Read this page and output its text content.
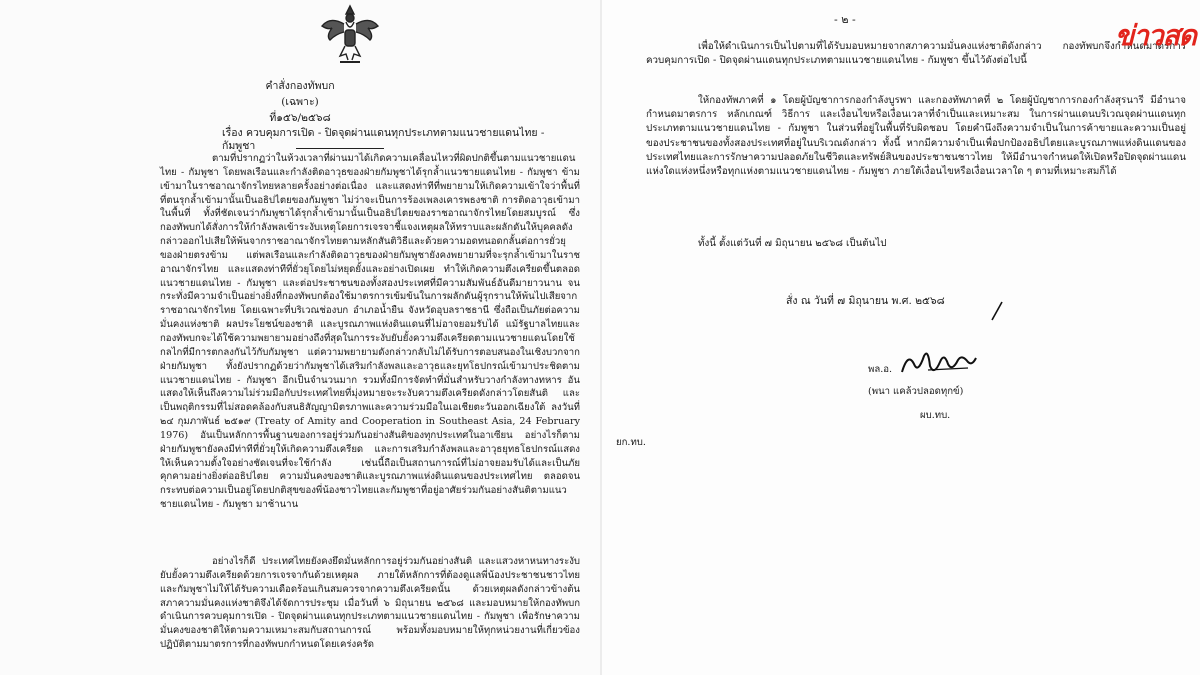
คำสั่งกองทัพบก
(เฉพาะ)
ที่๑๕๖/๒๕๖๘
เรื่อง ควบคุมการเปิด - ปิดจุดผ่านแดนทุกประเภทตามแนวชายแดนไทย - กัมพูชา

ตามที่ปรากฏว่าในห้วงเวลาที่ผ่านมาได้เกิดความเคลื่อนไหวที่ผิดปกติขึ้นตามแนวชายแดนไทย - กัมพูชา โดยพลเรือนและกำลังติดอาวุธของฝ่ายกัมพูชาได้รุกล้ำแนวชายแดนไทย - กัมพูชา ข้ามเข้ามาในราชอาณาจักรไทยหลายครั้งอย่างต่อเนื่อง และแสดงท่าทีที่พยายามให้เกิดความเข้าใจว่าพื้นที่ที่ตนรุกล้ำเข้ามานั้นเป็นอธิปไตยของกัมพูชา ไม่ว่าจะเป็นการร้องเพลงเคารพธงชาติ การติดอาวุธเข้ามาในพื้นที่ ทั้งที่ชัดเจนว่ากัมพูชาได้รุกล้ำเข้ามานั้นเป็นอธิปไตยของราชอาณาจักรไทยโดยสมบูรณ์ ซึ่งกองทัพบกได้สั่งการให้กำลังพลเข้าระงับเหตุโดยการเจรจาชี้แจงเหตุผลให้ทราบและผลักดันให้บุคคลดังกล่าวออกไปเสียให้พ้นจากราชอาณาจักรไทยตามหลักสันติวิธีและด้วยความอดทนอดกลั้นต่อการยั่วยุของฝ่ายตรงข้าม แต่พลเรือนและกำลังติดอาวุธของฝ่ายกัมพูชายังคงพยายามที่จะรุกล้ำเข้ามาในราชอาณาจักรไทย และแสดงท่าทีที่ยั่วยุโดยไม่หยุดยั้งและอย่างเปิดเผย ทำให้เกิดความตึงเครียดขึ้นตลอดแนวชายแดนไทย - กัมพูชา และต่อประชาชนของทั้งสองประเทศที่มีความสัมพันธ์อันดีมายาวนาน จนกระทั่งมีความจำเป็นอย่างยิ่งที่กองทัพบกต้องใช้มาตรการเข้มข้นในการผลักดันผู้รุกรานให้พ้นไปเสียจากราชอาณาจักรไทย โดยเฉพาะที่บริเวณช่องบก อำเภอน้ำยืน จังหวัดอุบลราชธานี ซึ่งถือเป็นภัยต่อความมั่นคงแห่งชาติ ผลประโยชน์ของชาติ และบูรณภาพแห่งดินแดนที่ไม่อาจยอมรับได้ แม้รัฐบาลไทยและกองทัพบกจะได้ใช้ความพยายามอย่างถึงที่สุดในการระงับยับยั้งความตึงเครียดตามแนวชายแดนโดยใช้กลไกที่มีการตกลงกันไว้กับกัมพูชา แต่ความพยายามดังกล่าวกลับไม่ได้รับการตอบสนองในเชิงบวกจากฝ่ายกัมพูชา ทั้งยังปรากฏด้วยว่ากัมพูชาได้เสริมกำลังพลและอาวุธและยุทโธปกรณ์เข้ามาประชิดตามแนวชายแดนไทย - กัมพูชา อีกเป็นจำนวนมาก รวมทั้งมีการจัดทำที่มั่นสำหรับวางกำลังทางทหาร อันแสดงให้เห็นถึงความไม่ร่วมมือกับประเทศไทยที่มุ่งหมายจะระงับความตึงเครียดดังกล่าวโดยสันติ และเป็นพฤติกรรมที่ไม่สอดคล้องกับสนธิสัญญามิตรภาพและความร่วมมือในเอเชียตะวันออกเฉียงใต้ ลงวันที่ ๒๔ กุมภาพันธ์ ๒๕๑๙ (Treaty of Amity and Cooperation in Southeast Asia, 24 February 1976) อันเป็นหลักการพื้นฐานของการอยู่ร่วมกันอย่างสันติของทุกประเทศในอาเซียน อย่างไรก็ตาม ฝ่ายกัมพูชายังคงมีท่าทีที่ยั่วยุให้เกิดความตึงเครียด และการเสริมกำลังพลและอาวุธยุทธโธปกรณ์แสดงให้เห็นความตั้งใจอย่างชัดเจนที่จะใช้กำลัง เช่นนี้ถือเป็นสถานการณ์ที่ไม่อาจยอมรับได้และเป็นภัยคุกคามอย่างยิ่งต่ออธิปไตย ความมั่นคงของชาติและบูรณภาพแห่งดินแดนของประเทศไทย ตลอดจนกระทบต่อความเป็นอยู่โดยปกติสุขของพี่น้องชาวไทยและกัมพูชาที่อยู่อาศัยร่วมกันอย่างสันติตามแนวชายแดนไทย - กัมพูชา มาช้านาน

อย่างไรก็ดี ประเทศไทยยังคงยึดมั่นหลักการอยู่ร่วมกันอย่างสันติ และแสวงหาหนทางระงับยับยั้งความตึงเครียดด้วยการเจรจากันด้วยเหตุผล ภายใต้หลักการที่ต้องดูแลพี่น้องประชาชนชาวไทยและกัมพูชาไม่ให้ได้รับความเดือดร้อนเกินสมควรจากความตึงเครียดนั้น ด้วยเหตุผลดังกล่าวข้างต้นสภาความมั่นคงแห่งชาติจึงได้จัดการประชุม เมื่อวันที่ ๖ มิถุนายน ๒๕๖๘ และมอบหมายให้กองทัพบกดำเนินการควบคุมการเปิด - ปิดจุดผ่านแดนทุกประเภทตามแนวชายแดนไทย - กัมพูชา เพื่อรักษาความมั่นคงของชาติให้ตามความเหมาะสมกับสถานการณ์ พร้อมทั้งมอบหมายให้ทุกหน่วยงานที่เกี่ยวข้องปฏิบัติตามมาตรการที่กองทัพบกกำหนดโดยเคร่งครัด

- ๒ -

เพื่อให้ดำเนินการเป็นไปตามที่ได้รับมอบหมายจากสภาความมั่นคงแห่งชาติดังกล่าว กองทัพบกจึงกำหนดมาตรการควบคุมการเปิด - ปิดจุดผ่านแดนทุกประเภทตามแนวชายแดนไทย - กัมพูชา ขึ้นไว้ดังต่อไปนี้

ให้กองทัพภาคที่ ๑ โดยผู้บัญชาการกองกำลังบูรพา และกองทัพภาคที่ ๒ โดยผู้บัญชาการกองกำลังสุรนารี มีอำนาจกำหนดมาตรการ หลักเกณฑ์ วิธีการ และเงื่อนไขหรือเงื่อนเวลาที่จำเป็นและเหมาะสม ในการผ่านแดนบริเวณจุดผ่านแดนทุกประเภทตามแนวชายแดนไทย - กัมพูชา ในส่วนที่อยู่ในพื้นที่รับผิดชอบ โดยคำนึงถึงความจำเป็นในการค้าขายและความเป็นอยู่ของประชาชนของทั้งสองประเทศที่อยู่ในบริเวณดังกล่าว ทั้งนี้ หากมีความจำเป็นเพื่อปกป้องอธิปไตยและบูรณภาพแห่งดินแดนของประเทศไทยและการรักษาความปลอดภัยในชีวิตและทรัพย์สินของประชาชนชาวไทย ให้มีอำนาจกำหนดให้เปิดหรือปิดจุดผ่านแดนแห่งใดแห่งหนึ่งหรือทุกแห่งตามแนวชายแดนไทย - กัมพูชา ภายใต้เงื่อนไขหรือเงื่อนเวลาใด ๆ ตามที่เหมาะสมก็ได้

ทั้งนี้ ตั้งแต่วันที่ ๗ มิถุนายน ๒๕๖๘ เป็นต้นไป

สั่ง ณ วันที่ ๗ มิถุนายน พ.ศ. ๒๕๖๘
พล.อ.
(พนา แคล้วปลอดทุกข์)
ผบ.ทบ.
ยก.ทบ.
ข่าวสด
